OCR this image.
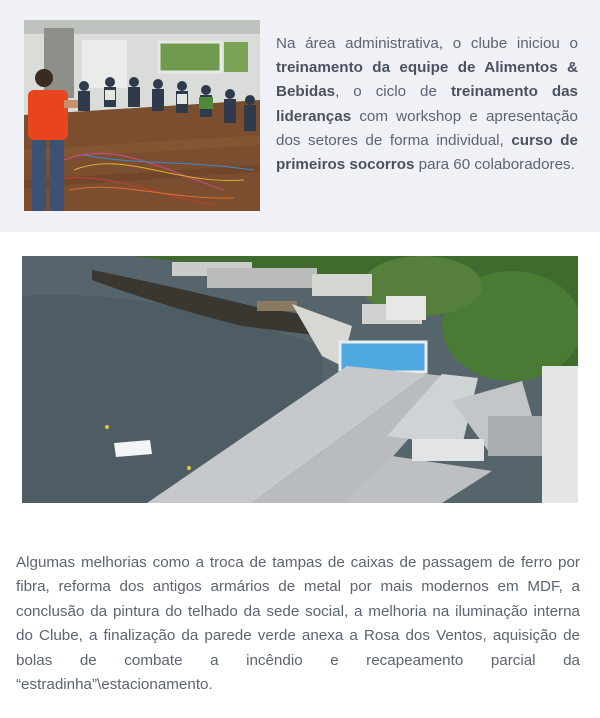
Na área administrativa, o clube iniciou o treinamento da equipe de Alimentos & Bebidas, o ciclo de treinamento das lideranças com workshop e apresentação dos setores de forma individual, curso de primeiros socorros para 60 colaboradores.
Algumas melhorias como a troca de tampas de caixas de passagem de ferro por fibra, reforma dos antigos armários de metal por mais modernos em MDF, a conclusão da pintura do telhado da sede social, a melhoria na iluminação interna do Clube, a finalização da parede verde anexa a Rosa dos Ventos, aquisição de bolas de combate a incêndio e recapeamento parcial da “estradinha”\estacionamento.
